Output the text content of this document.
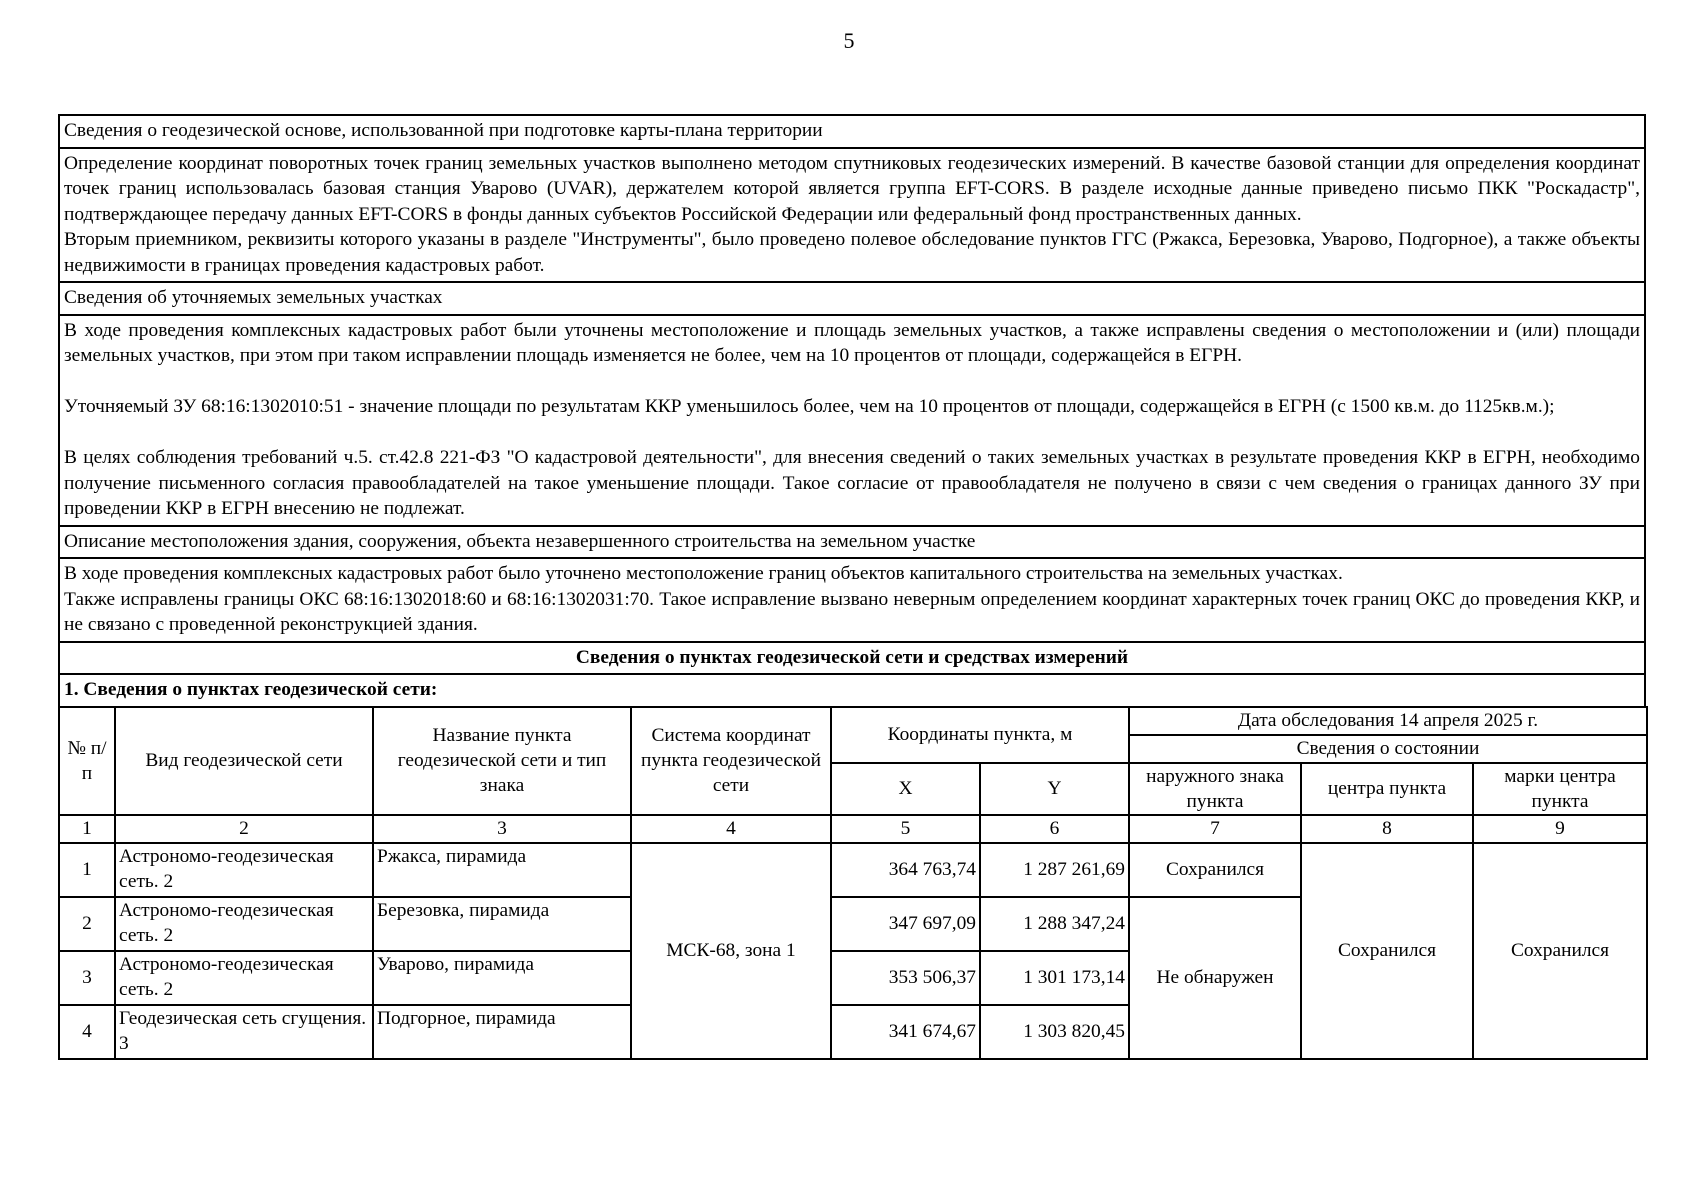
5
Сведения о геодезической основе, использованной при подготовке карты-плана территории

Определение координат поворотных точек границ земельных участков выполнено методом спутниковых геодезических измерений. В качестве базовой станции для определения координат точек границ использовалась базовая станция Уварово (UVAR), держателем которой является группа EFT-CORS. В разделе исходные данные приведено письмо ПКК "Роскадастр", подтверждающее передачу данных EFT-CORS в фонды данных субъектов Российской Федерации или федеральный фонд пространственных данных.

Вторым приемником, реквизиты которого указаны в разделе "Инструменты", было проведено полевое обследование пунктов ГГС (Ржакса, Березовка, Уварово, Подгорное), а также объекты недвижимости в границах проведения кадастровых работ.

Сведения об уточняемых земельных участках

В ходе проведения комплексных кадастровых работ были уточнены местоположение и площадь земельных участков, а также исправлены сведения о местоположении и (или) площади земельных участков, при этом при таком исправлении площадь изменяется не более, чем на 10 процентов от площади, содержащейся в ЕГРН.

Уточняемый ЗУ 68:16:1302010:51 - значение площади по результатам ККР уменьшилось более, чем на 10 процентов от площади, содержащейся в ЕГРН (с 1500 кв.м. до 1125кв.м.);

В целях соблюдения требований ч.5. ст.42.8 221-ФЗ "О кадастровой деятельности", для внесения сведений о таких земельных участках в результате проведения ККР в ЕГРН, необходимо получение письменного согласия правообладателей на такое уменьшение площади. Такое согласие от правообладателя не получено в связи с чем сведения о границах данного ЗУ при проведении ККР в ЕГРН внесению не подлежат.

Описание местоположения здания, сооружения, объекта незавершенного строительства на земельном участке

В ходе проведения комплексных кадастровых работ было уточнено местоположение границ объектов капитального строительства на земельных участках.

Также исправлены границы ОКС 68:16:1302018:60 и 68:16:1302031:70. Такое исправление вызвано неверным определением координат характерных точек границ ОКС до проведения ККР, и не связано с проведенной реконструкцией здания.

Сведения о пунктах геодезической сети и средствах измерений
1. Сведения о пунктах геодезической сети:
№ п/п	Вид геодезической сети	Название пункта геодезической сети и тип знака	Система координат пункта геодезической сети	Координаты пункта, м		Дата обследования 14 апреля 2025 г.		
						Сведения о состоянии		
				X	Y	наружного знака пункта	центра пункта	марки центра пункта
1	2	3	4	5	6	7	8	9
1	Астрономо-геодезическая сеть. 2	Ржакса, пирамида	МСК-68, зона 1	364 763,74	1 287 261,69	Сохранился	Сохранился	Сохранился
2	Астрономо-геодезическая сеть. 2	Березовка, пирамида		347 697,09	1 288 347,24	Не обнаружен		
3	Астрономо-геодезическая сеть. 2	Уварово, пирамида		353 506,37	1 301 173,14			
4	Геодезическая сеть сгущения. 3	Подгорное, пирамида		341 674,67	1 303 820,45			
